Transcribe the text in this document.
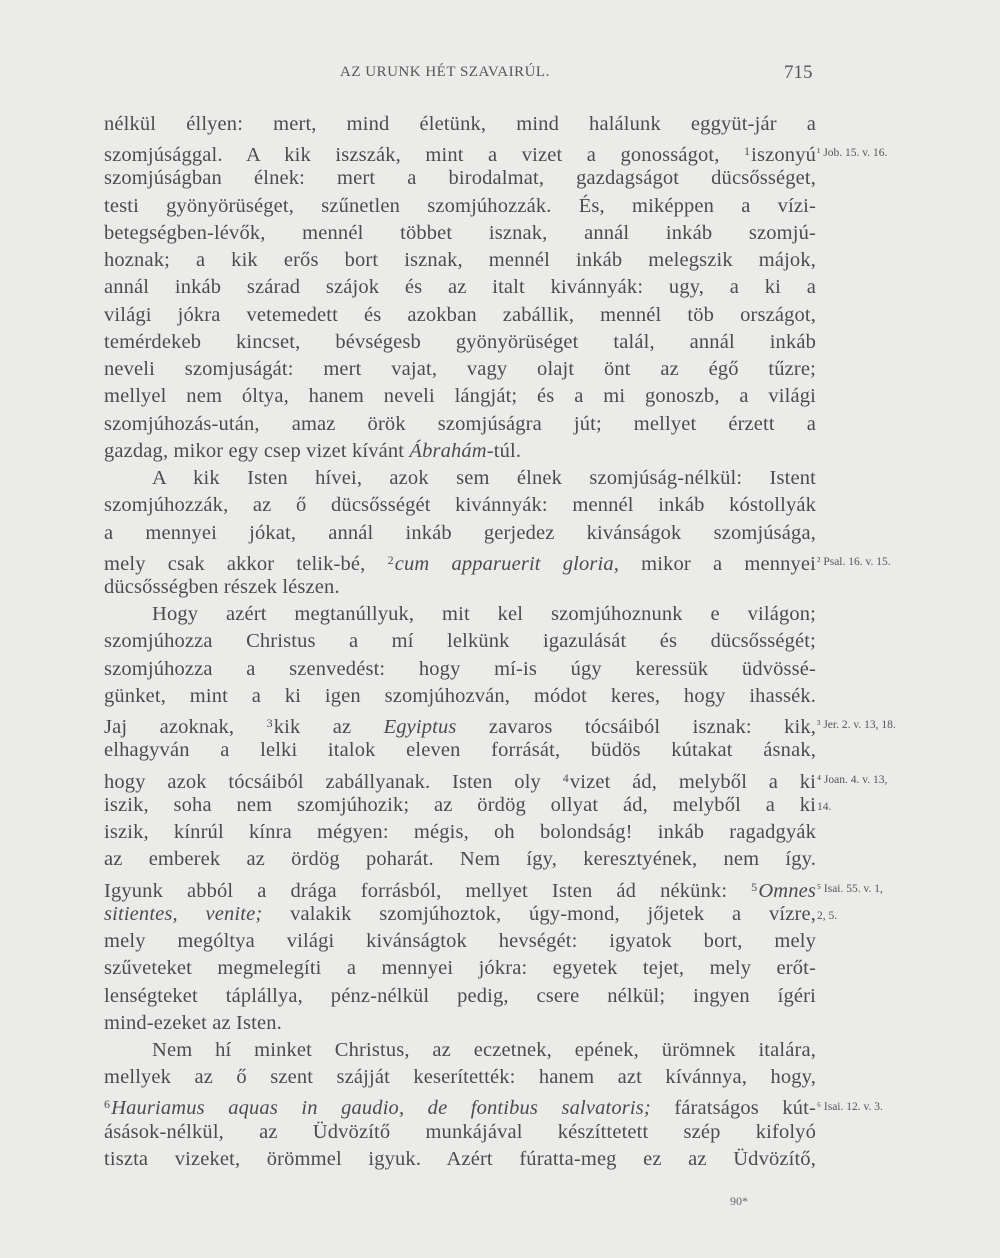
AZ URUNK HÉT SZAVAIRÚL.	715
nélkül éllyen: mert, mind életünk, mind halálunk eggyüt-jár a
szomjúsággal. A kik iszszák, mint a vizet a gonosságot, $^1$iszonyú
szomjúságban élnek: mert a birodalmat, gazdagságot dücsősséget,
testi gyönyörüséget, szűnetlen szomjúhozzák. És, miképpen a vízi-
betegségben-lévők, mennél többet isznak, annál inkáb szomjú-
hoznak; a kik erős bort isznak, mennél inkáb melegszik májok,
annál inkáb szárad szájok és az italt kivánnyák: ugy, a ki a
világi jókra vetemedett és azokban zabállik, mennél töb országot,
temérdekeb kincset, bévségesb gyönyörüséget talál, annál inkáb
neveli szomjuságát: mert vajat, vagy olajt önt az égő tűzre;
mellyel nem óltya, hanem neveli lángját; és a mi gonoszb, a világi
szomjúhozás-után, amaz örök szomjúságra jút; mellyet érzett a
gazdag, mikor egy csep vizet kívánt Ábrahám-túl.
A kik Isten hívei, azok sem élnek szomjúság-nélkül: Istent
szomjúhozzák, az ő dücsősségét kivánnyák: mennél inkáb kóstollyák
a mennyei jókat, annál inkáb gerjedez kivánságok szomjúsága,
mely csak akkor telik-bé, $^2$cum apparuerit gloria, mikor a mennyei
dücsősségben részek lészen.
Hogy azért megtanúllyuk, mit kel szomjúhoznunk e világon;
szomjúhozza Christus a mí lelkünk igazulását és dücsősségét;
szomjúhozza a szenvedést: hogy mí-is úgy keressük üdvössé-
günket, mint a ki igen szomjúhozván, módot keres, hogy ihassék.
Jaj azoknak, $^3$kik az Egyiptus zavaros tócsáiból isznak: kik,
elhagyván a lelki italok eleven forrását, büdös kútakat ásnak,
hogy azok tócsáiból zabállyanak. Isten oly $^4$vizet ád, melyből a ki
iszik, soha nem szomjúhozik; az ördög ollyat ád, melyből a ki
iszik, kínrúl kínra mégyen: mégis, oh bolondság! inkáb ragadgyák
az emberek az ördög poharát. Nem így, keresztyének, nem így.
Igyunk abból a drága forrásból, mellyet Isten ád nékünk: $^5$Omnes
sitientes, venite; valakik szomjúhoztok, úgy-mond, jőjetek a vízre,
mely mególtya világi kivánságtok hevségét: igyatok bort, mely
szűveteket megmelegíti a mennyei jókra: egyetek tejet, mely erőt-
lenségteket táplállya, pénz-nélkül pedig, csere nélkül; ingyen ígéri
mind-ezeket az Isten.
Nem hí minket Christus, az eczetnek, epének, ürömnek italára,
mellyek az ő szent szájját keserítették: hanem azt kívánnya, hogy,
$^6$Hauriamus aquas in gaudio, de fontibus salvatoris; fáratságos kút-
ásások-nélkül, az Üdvözítő munkájával készíttetett szép kifolyó
tiszta vizeket, örömmel igyuk. Azért fúratta-meg ez az Üdvözítő,
¹ Job. 15. v. 16.
² Psal. 16. v. 15.
³ Jer. 2. v. 13, 18.
⁴ Joan. 4. v. 13,
14.
⁵ Isai. 55. v. 1,
2, 5.
⁶ Isai. 12. v. 3.
90*
